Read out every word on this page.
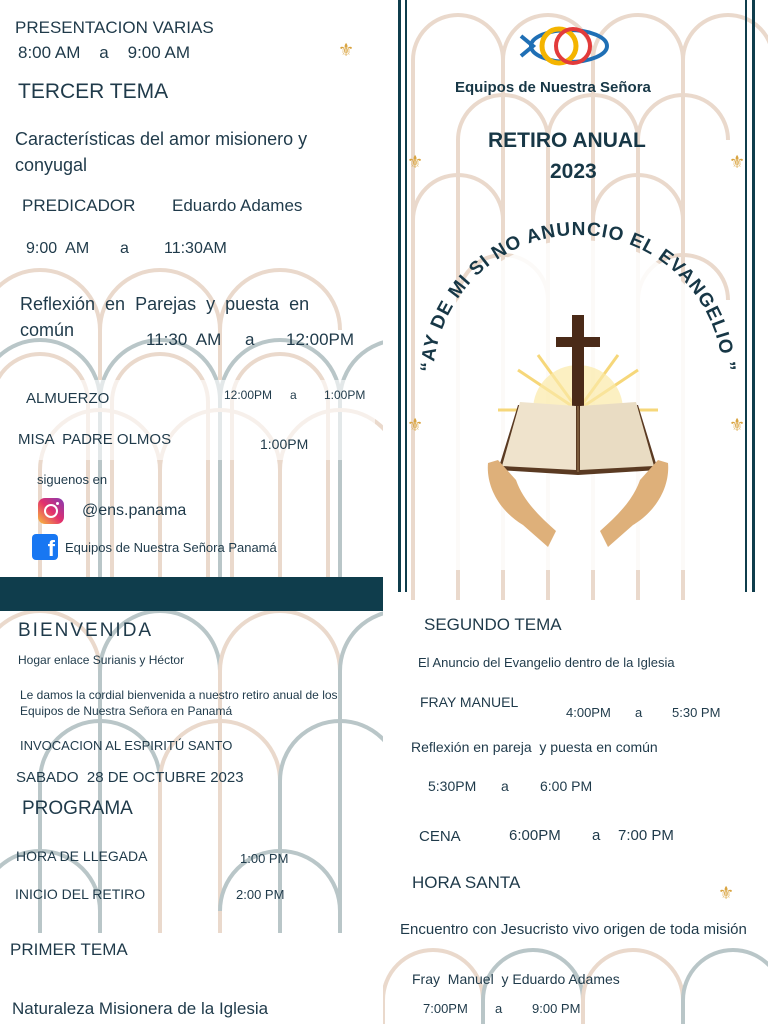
PRESENTACION VARIAS
8:00 AM    a    9:00 AM	⚜
TERCER TEMA
Características del amor misionero y conyugal
PREDICADOR Eduardo Adames
9:00  AM a 11:30AM
Reflexión  en  Parejas  y  puesta  en común	11:30  AM a 12:00PM
ALMUERZO	12:00PM a 1:00PM
MISA  PADRE OLMOS	1:00PM
siguenos en
@ens.panama
f Equipos de Nuestra Señora Panamá
Equipos de Nuestra Señora
RETIRO ANUAL
2023
⚜	⚜
⚜	⚜
“AY DE MI SI NO ANUNCIO EL EVANGELIO ”
BIENVENIDA
Hogar enlace Surianis y Héctor
Le damos la cordial bienvenida a nuestro retiro anual de los Equipos de Nuestra Señora en Panamá
INVOCACION AL ESPIRITÚ SANTO
SABADO  28 DE OCTUBRE 2023
PROGRAMA
HORA DE LLEGADA	1:00 PM
INICIO DEL RETIRO	2:00 PM
PRIMER TEMA
Naturaleza Misionera de la Iglesia
SEGUNDO TEMA
El Anuncio del Evangelio dentro de la Iglesia
FRAY MANUEL
4:00PM a 5:30 PM
Reflexión en pareja  y puesta en común
5:30PM a 6:00 PM
CENA	6:00PM a 7:00 PM
HORA SANTA
⚜
Encuentro con Jesucristo vivo origen de toda misión
Fray  Manuel  y Eduardo Adames
7:00PM a 9:00 PM
